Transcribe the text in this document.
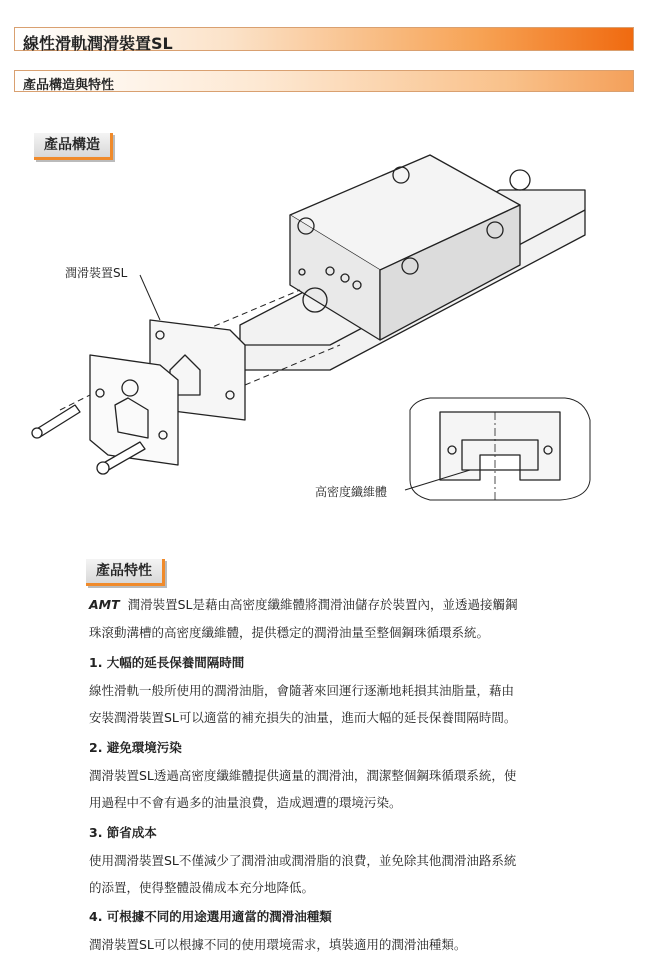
線性滑軌潤滑裝置SL
產品構造與特性
產品構造
潤滑裝置SL
高密度纖維體
產品特性
AMT 潤滑裝置SL是藉由高密度纖維體將潤滑油儲存於裝置內，並透過接觸鋼
珠滾動溝槽的高密度纖維體，提供穩定的潤滑油量至整個鋼珠循環系統。
1. 大幅的延長保養間隔時間
線性滑軌一般所使用的潤滑油脂，會隨著來回運行逐漸地耗損其油脂量，藉由
安裝潤滑裝置SL可以適當的補充損失的油量，進而大幅的延長保養間隔時間。
2. 避免環境污染
潤滑裝置SL透過高密度纖維體提供適量的潤滑油，潤潔整個鋼珠循環系統，使
用過程中不會有過多的油量浪費，造成週遭的環境污染。
3. 節省成本
使用潤滑裝置SL不僅減少了潤滑油或潤滑脂的浪費，並免除其他潤滑油路系統
的添置，使得整體設備成本充分地降低。
4. 可根據不同的用途選用適當的潤滑油種類
潤滑裝置SL可以根據不同的使用環境需求，填裝適用的潤滑油種類。
